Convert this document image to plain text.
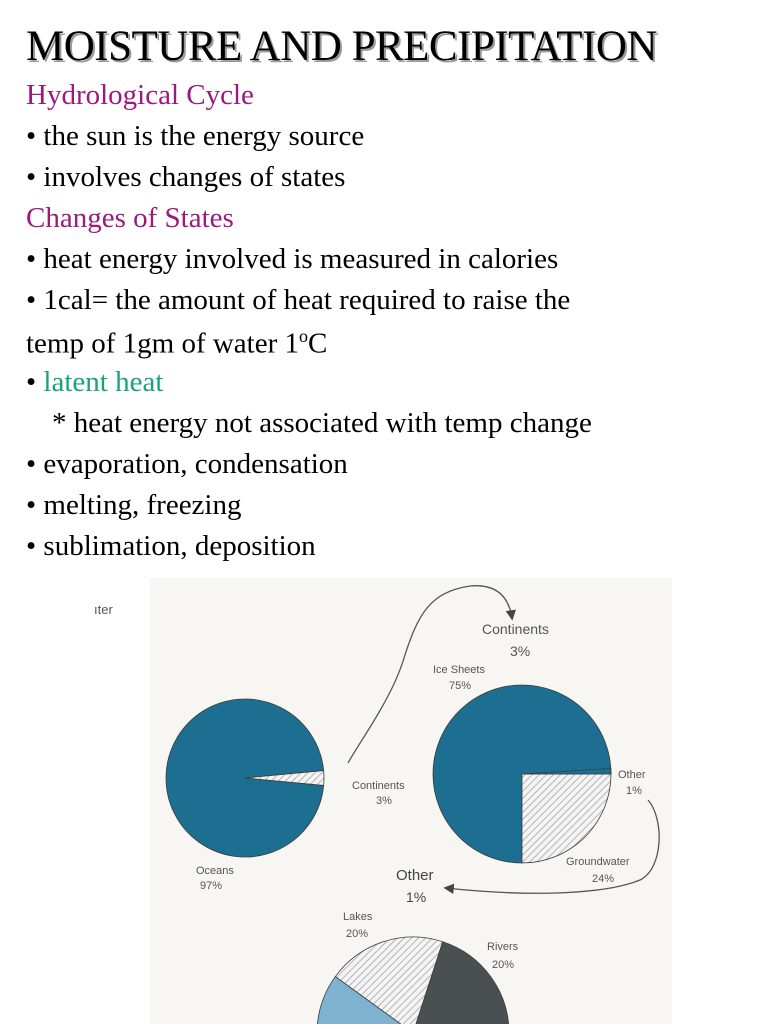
MOISTURE AND PRECIPITATION
Hydrological Cycle
• the sun is the energy source
• involves changes of states
Changes of States
• heat energy involved is measured in calories
• 1cal= the amount of heat required to raise the
temp of 1gm of water 1$^o$C
• latent heat
* heat energy not associated with temp change
• evaporation, condensation
• melting, freezing
• sublimation, deposition
ıter
Oceans
97%
Continents
3%
Continents
3%
Ice Sheets
75%
Other
1%
Groundwater
24%
Other
1%
Lakes
20%
Rivers
20%
